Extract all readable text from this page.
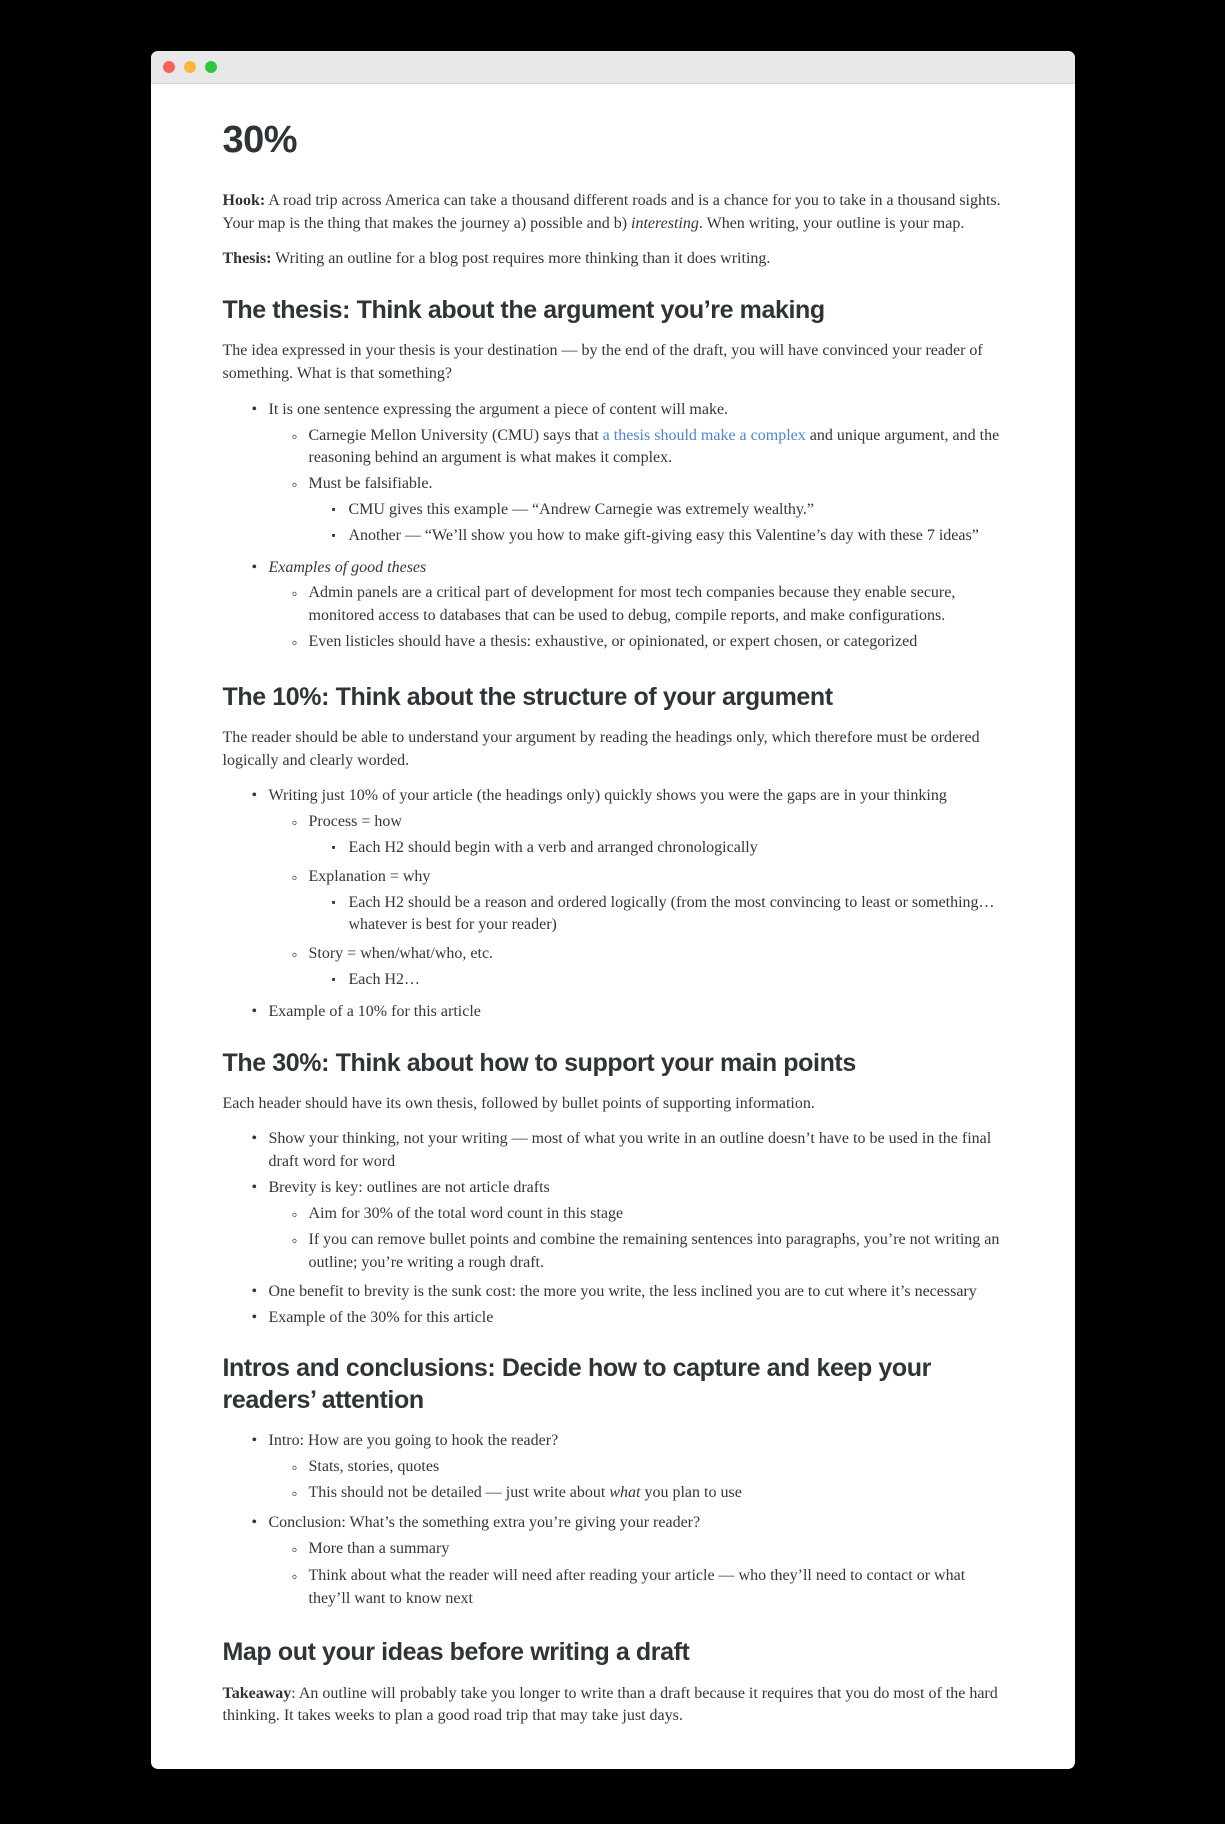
30%

Hook: A road trip across America can take a thousand different roads and is a chance for you to take in a thousand sights. Your map is the thing that makes the journey a) possible and b) interesting. When writing, your outline is your map.

Thesis: Writing an outline for a blog post requires more thinking than it does writing.

The thesis: Think about the argument you’re making

The idea expressed in your thesis is your destination — by the end of the draft, you will have convinced your reader of something. What is that something?

• It is one sentence expressing the argument a piece of content will make.
◦ Carnegie Mellon University (CMU) says that a thesis should make a complex and unique argument, and the reasoning behind an argument is what makes it complex.
◦ Must be falsifiable.
▪ CMU gives this example — “Andrew Carnegie was extremely wealthy.”
▪ Another — “We’ll show you how to make gift-giving easy this Valentine’s day with these 7 ideas”
• Examples of good theses
◦ Admin panels are a critical part of development for most tech companies because they enable secure, monitored access to databases that can be used to debug, compile reports, and make configurations.
◦ Even listicles should have a thesis: exhaustive, or opinionated, or expert chosen, or categorized
The 10%: Think about the structure of your argument

The reader should be able to understand your argument by reading the headings only, which therefore must be ordered logically and clearly worded.

• Writing just 10% of your article (the headings only) quickly shows you were the gaps are in your thinking
◦ Process = how
▪ Each H2 should begin with a verb and arranged chronologically
◦ Explanation = why
▪ Each H2 should be a reason and ordered logically (from the most convincing to least or something…whatever is best for your reader)
◦ Story = when/what/who, etc.
▪ Each H2…
• Example of a 10% for this article
The 30%: Think about how to support your main points

Each header should have its own thesis, followed by bullet points of supporting information.

• Show your thinking, not your writing — most of what you write in an outline doesn’t have to be used in the final draft word for word
• Brevity is key: outlines are not article drafts
◦ Aim for 30% of the total word count in this stage
◦ If you can remove bullet points and combine the remaining sentences into paragraphs, you’re not writing an outline; you’re writing a rough draft.
• One benefit to brevity is the sunk cost: the more you write, the less inclined you are to cut where it’s necessary
• Example of the 30% for this article
Intros and conclusions: Decide how to capture and keep your readers’ attention
• Intro: How are you going to hook the reader?
◦ Stats, stories, quotes
◦ This should not be detailed — just write about what you plan to use
• Conclusion: What’s the something extra you’re giving your reader?
◦ More than a summary
◦ Think about what the reader will need after reading your article — who they’ll need to contact or what they’ll want to know next
Map out your ideas before writing a draft

Takeaway: An outline will probably take you longer to write than a draft because it requires that you do most of the hard thinking. It takes weeks to plan a good road trip that may take just days.
